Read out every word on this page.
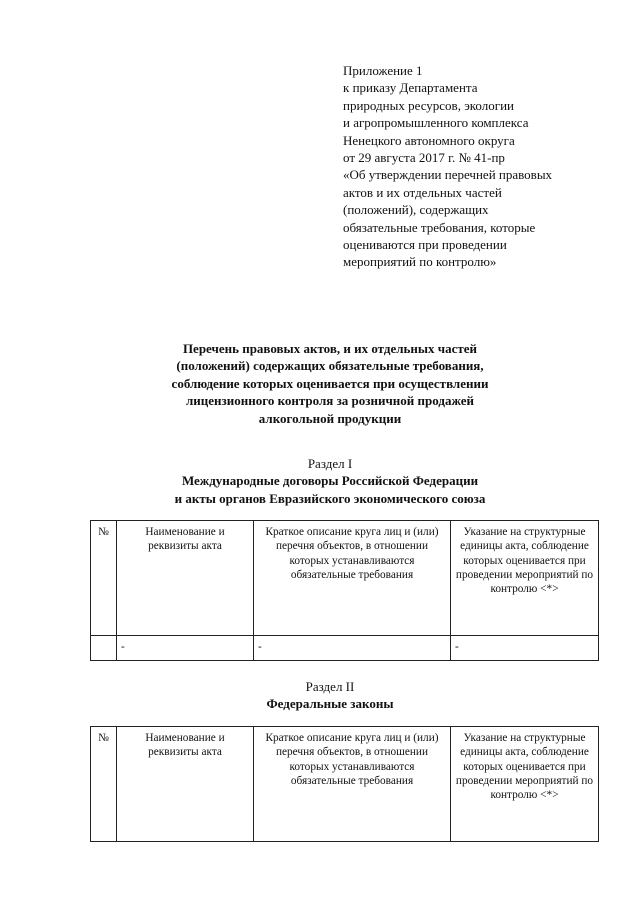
Приложение 1
к приказу Департамента
природных ресурсов, экологии
и агропромышленного комплекса
Ненецкого автономного округа
от 29 августа 2017 г. № 41-пр
«Об утверждении перечней правовых
актов и их отдельных частей
(положений), содержащих
обязательные требования, которые
оцениваются при проведении
мероприятий по контролю»
Перечень правовых актов, и их отдельных частей
(положений) содержащих обязательные требования,
соблюдение которых оценивается при осуществлении
лицензионного контроля за розничной продажей
алкогольной продукции
Раздел I
Международные договоры Российской Федерации
и акты органов Евразийского экономического союза
№	Наименование и реквизиты акта	Краткое описание круга лиц и (или) перечня объектов, в отношении которых устанавливаются обязательные требования	Указание на структурные единицы акта, соблюдение которых оценивается при проведении мероприятий по контролю <*>
	-	-	-
Раздел II
Федеральные законы
№	Наименование и реквизиты акта	Краткое описание круга лиц и (или) перечня объектов, в отношении которых устанавливаются обязательные требования	Указание на структурные единицы акта, соблюдение которых оценивается при проведении мероприятий по контролю <*>
